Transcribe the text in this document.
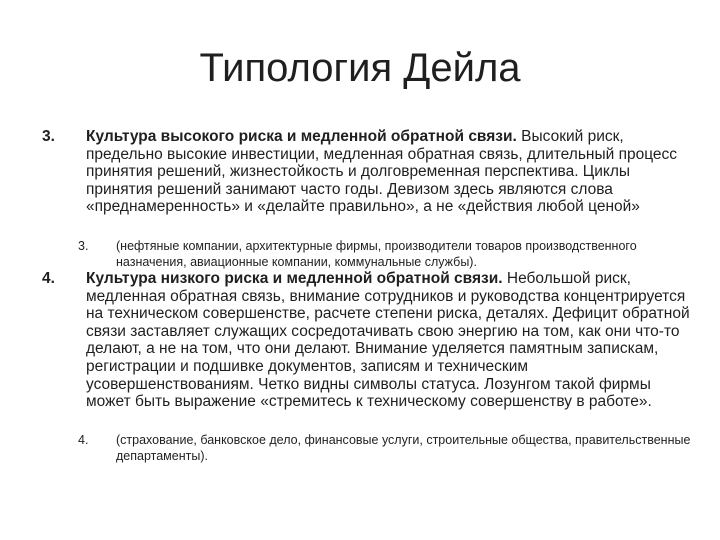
Типология Дейла
3. Культура высокого риска и медленной обратной связи. Высокий риск, предельно высокие инвестиции, медленная обратная связь, длительный процесс принятия решений, жизнестойкость и долговременная перспектива. Циклы принятия решений занимают часто годы. Девизом здесь являются слова «преднамеренность» и «делайте правильно», а не «действия любой ценой»
3. (нефтяные компании, архитектурные фирмы, производители товаров производственного назначения, авиационные компании, коммунальные службы).
4. Культура низкого риска и медленной обратной связи. Небольшой риск, медленная обратная связь, внимание сотрудников и руководства концентрируется на техническом совершенстве, расчете степени риска, деталях. Дефицит обратной связи заставляет служащих сосредотачивать свою энергию на том, как они что-то делают, а не на том, что они делают. Внимание уделяется памятным запискам, регистрации и подшивке документов, записям и техническим усовершенствованиям. Четко видны символы статуса. Лозунгом такой фирмы может быть выражение «стремитесь к техническому совершенству в работе».
4. (страхование, банковское дело, финансовые услуги, строительные общества, правительственные департаменты).
